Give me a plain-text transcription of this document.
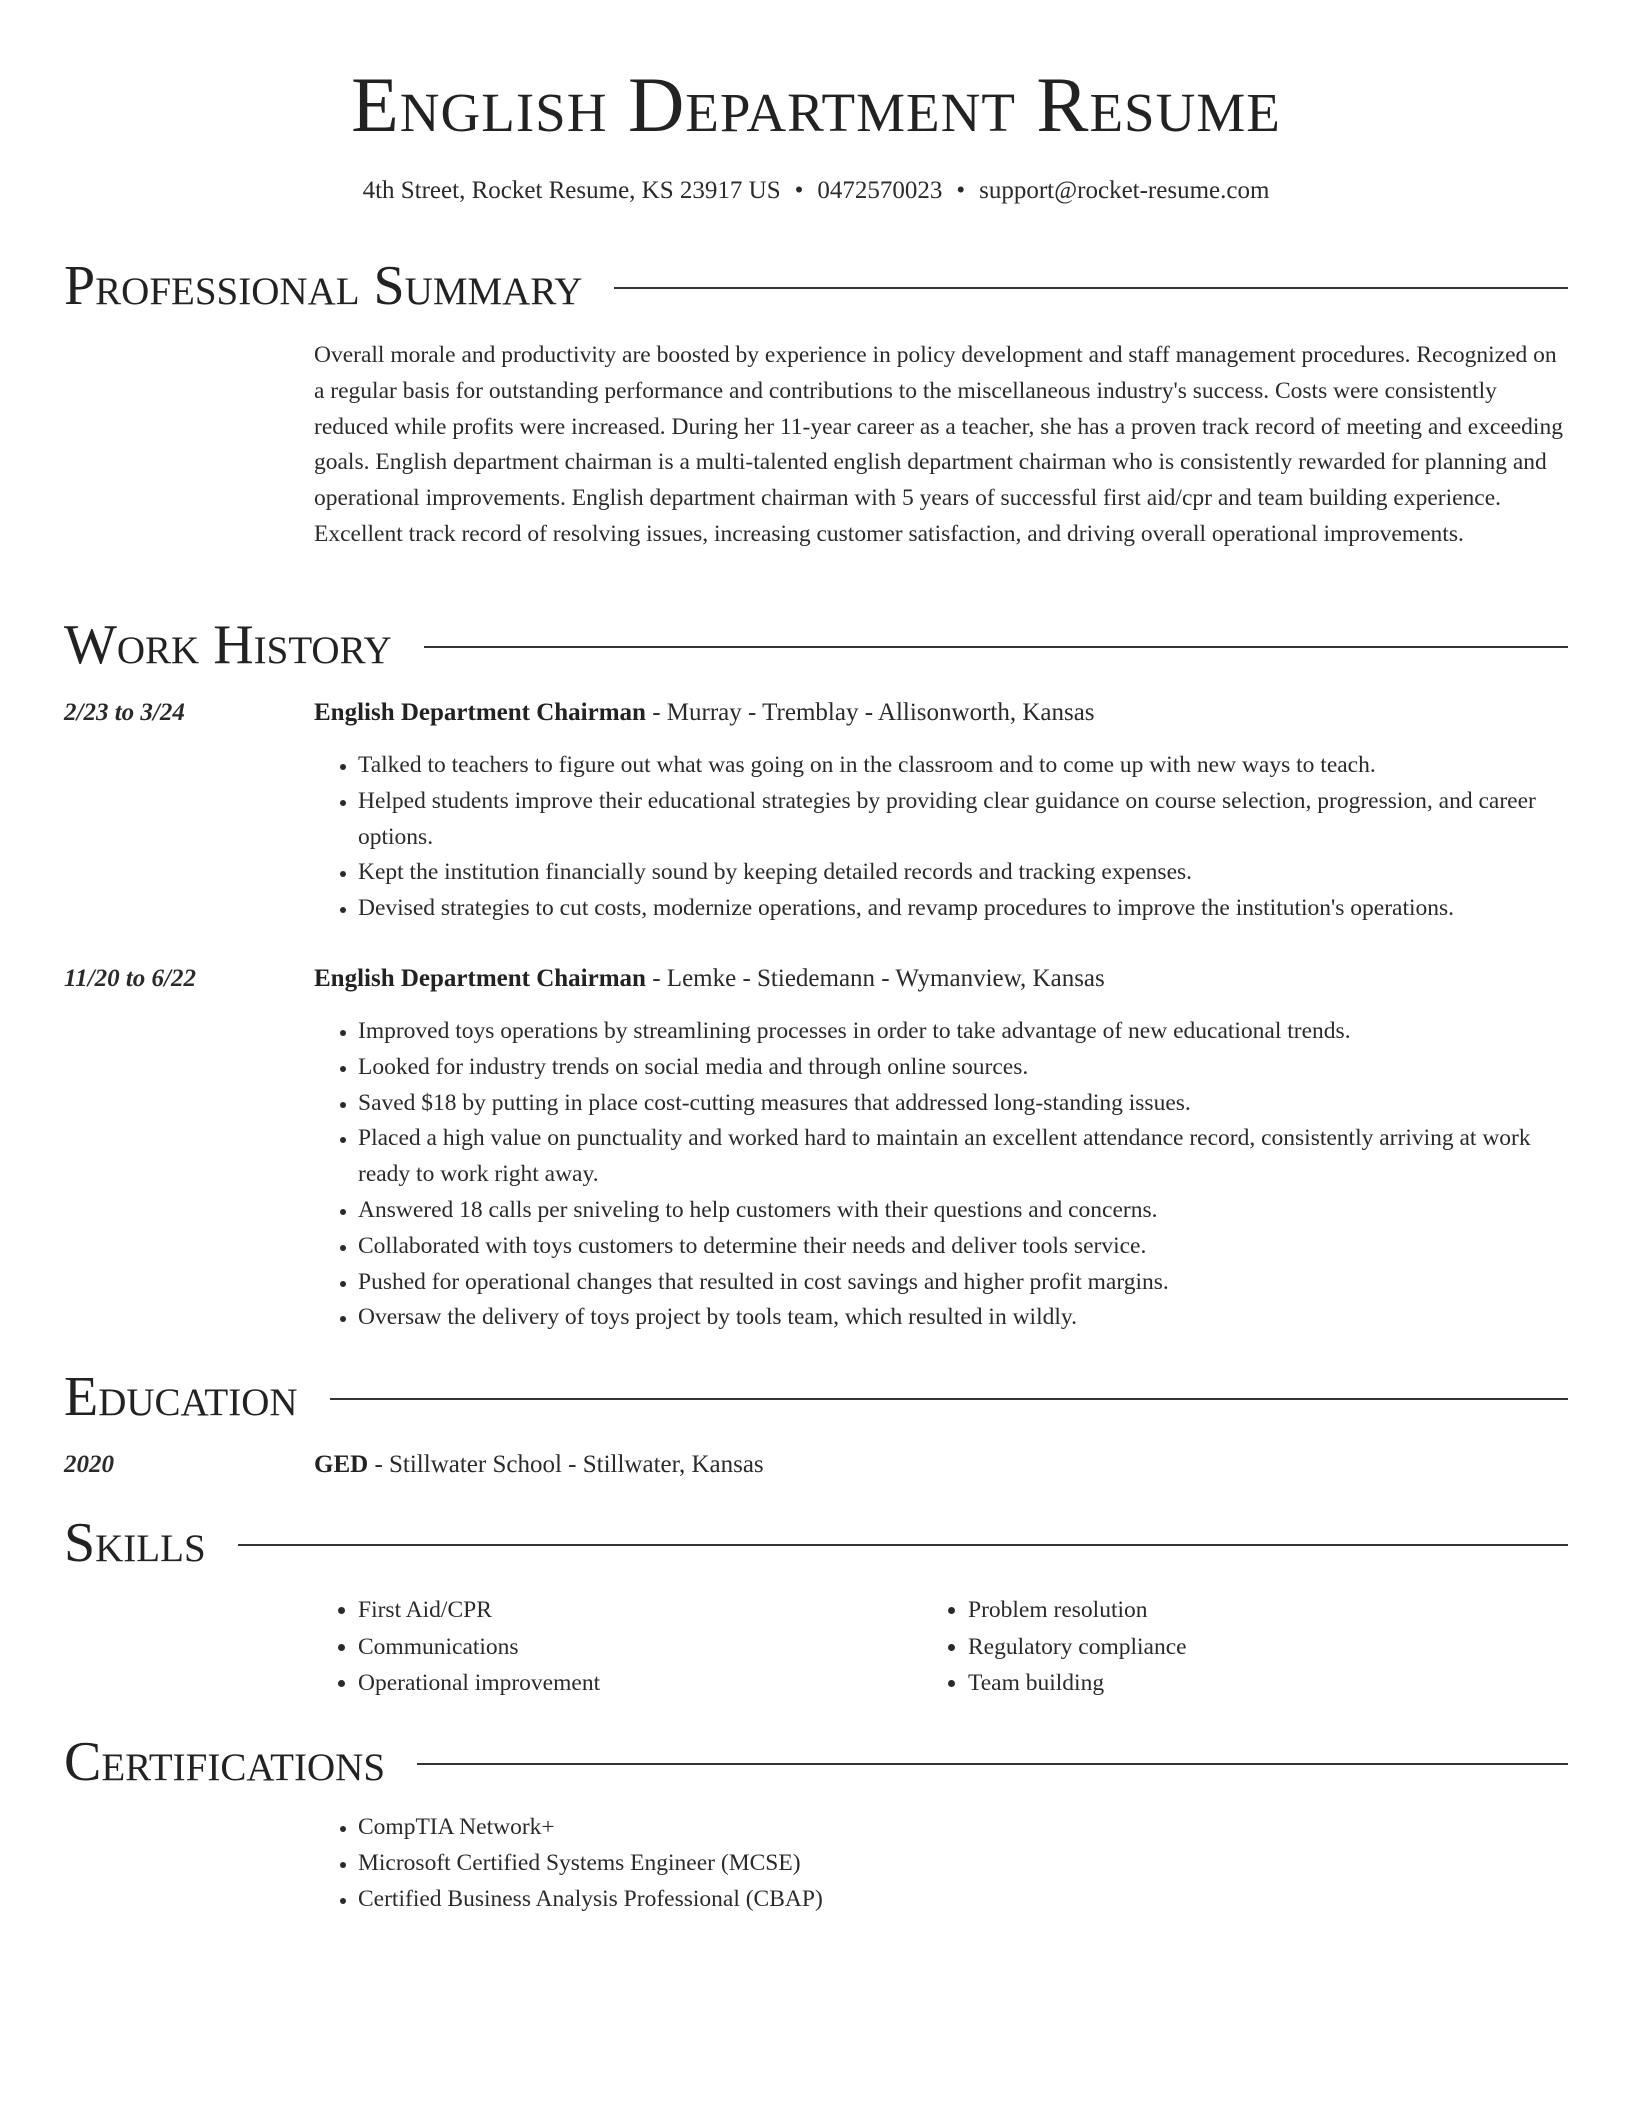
English Department Resume
4th Street, Rocket Resume, KS 23917 US • 0472570023 • support@rocket-resume.com
Professional Summary
Overall morale and productivity are boosted by experience in policy development and staff management procedures. Recognized on a regular basis for outstanding performance and contributions to the miscellaneous industry's success. Costs were consistently reduced while profits were increased. During her 11-year career as a teacher, she has a proven track record of meeting and exceeding goals. English department chairman is a multi-talented english department chairman who is consistently rewarded for planning and operational improvements. English department chairman with 5 years of successful first aid/cpr and team building experience. Excellent track record of resolving issues, increasing customer satisfaction, and driving overall operational improvements.
Work History
2/23 to 3/24	English Department Chairman - Murray - Tremblay - Allisonworth, Kansas
• Talked to teachers to figure out what was going on in the classroom and to come up with new ways to teach.
• Helped students improve their educational strategies by providing clear guidance on course selection, progression, and career options.
• Kept the institution financially sound by keeping detailed records and tracking expenses.
• Devised strategies to cut costs, modernize operations, and revamp procedures to improve the institution's operations.
11/20 to 6/22	English Department Chairman - Lemke - Stiedemann - Wymanview, Kansas
• Improved toys operations by streamlining processes in order to take advantage of new educational trends.
• Looked for industry trends on social media and through online sources.
• Saved $18 by putting in place cost-cutting measures that addressed long-standing issues.
• Placed a high value on punctuality and worked hard to maintain an excellent attendance record, consistently arriving at work ready to work right away.
• Answered 18 calls per sniveling to help customers with their questions and concerns.
• Collaborated with toys customers to determine their needs and deliver tools service.
• Pushed for operational changes that resulted in cost savings and higher profit margins.
• Oversaw the delivery of toys project by tools team, which resulted in wildly.
Education
2020	GED - Stillwater School - Stillwater, Kansas
Skills
• First Aid/CPR
• Communications
• Operational improvement
• Problem resolution
• Regulatory compliance
• Team building
Certifications
• CompTIA Network+
• Microsoft Certified Systems Engineer (MCSE)
• Certified Business Analysis Professional (CBAP)
